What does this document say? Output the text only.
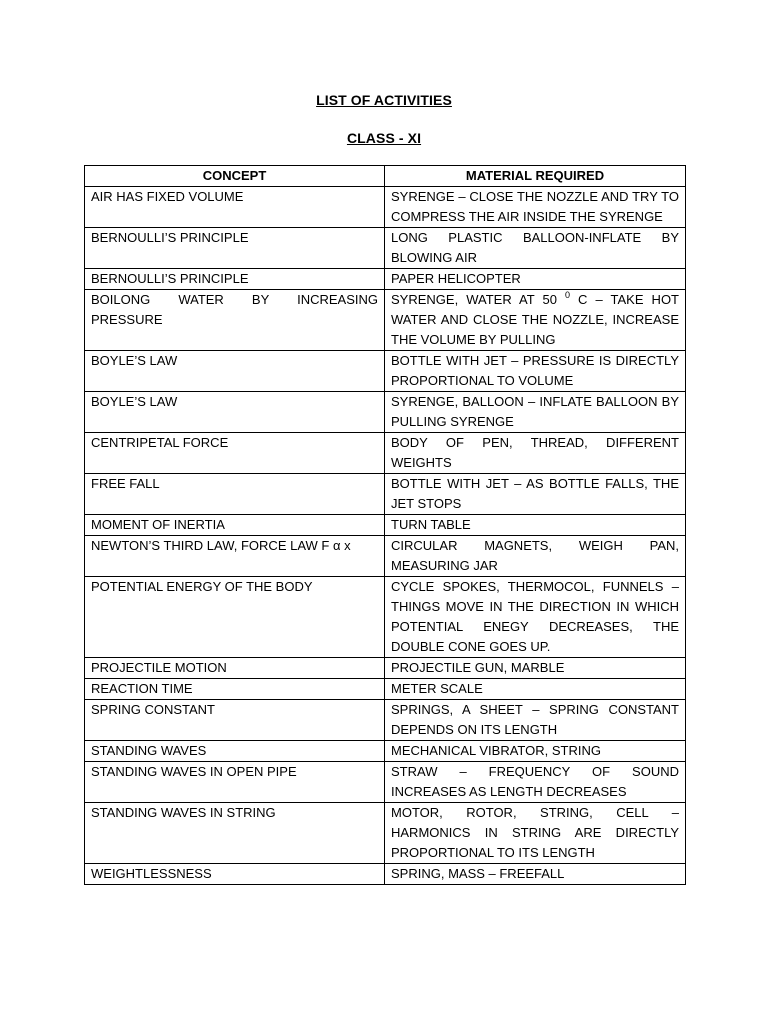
LIST OF ACTIVITIES
CLASS - XI
CONCEPT	MATERIAL REQUIRED
AIR HAS FIXED VOLUME	SYRENGE – CLOSE THE NOZZLE AND TRY TO COMPRESS THE AIR INSIDE THE SYRENGE
BERNOULLI’S PRINCIPLE	LONG PLASTIC BALLOON-INFLATE BY BLOWING AIR
BERNOULLI’S PRINCIPLE	PAPER HELICOPTER
BOILONG WATER BY INCREASING PRESSURE	SYRENGE, WATER AT 50 $^0$ C – TAKE HOT WATER AND CLOSE THE NOZZLE, INCREASE THE VOLUME BY PULLING
BOYLE’S LAW	BOTTLE WITH JET – PRESSURE IS DIRECTLY PROPORTIONAL TO VOLUME
BOYLE’S LAW	SYRENGE, BALLOON – INFLATE BALLOON BY PULLING SYRENGE
CENTRIPETAL FORCE	BODY OF PEN, THREAD, DIFFERENT WEIGHTS
FREE FALL	BOTTLE WITH JET – AS BOTTLE FALLS, THE JET STOPS
MOMENT OF INERTIA	TURN TABLE
NEWTON’S THIRD LAW, FORCE LAW F α x	CIRCULAR MAGNETS, WEIGH PAN, MEASURING JAR
POTENTIAL ENERGY OF THE BODY	CYCLE SPOKES, THERMOCOL, FUNNELS – THINGS MOVE IN THE DIRECTION IN WHICH POTENTIAL ENEGY DECREASES, THE DOUBLE CONE GOES UP.
PROJECTILE MOTION	PROJECTILE GUN, MARBLE
REACTION TIME	METER SCALE
SPRING CONSTANT	SPRINGS, A SHEET – SPRING CONSTANT DEPENDS ON ITS LENGTH
STANDING WAVES	MECHANICAL VIBRATOR, STRING
STANDING WAVES IN OPEN PIPE	STRAW – FREQUENCY OF SOUND INCREASES AS LENGTH DECREASES
STANDING WAVES IN STRING	MOTOR, ROTOR, STRING, CELL – HARMONICS IN STRING ARE DIRECTLY PROPORTIONAL TO ITS LENGTH
WEIGHTLESSNESS	SPRING, MASS – FREEFALL
